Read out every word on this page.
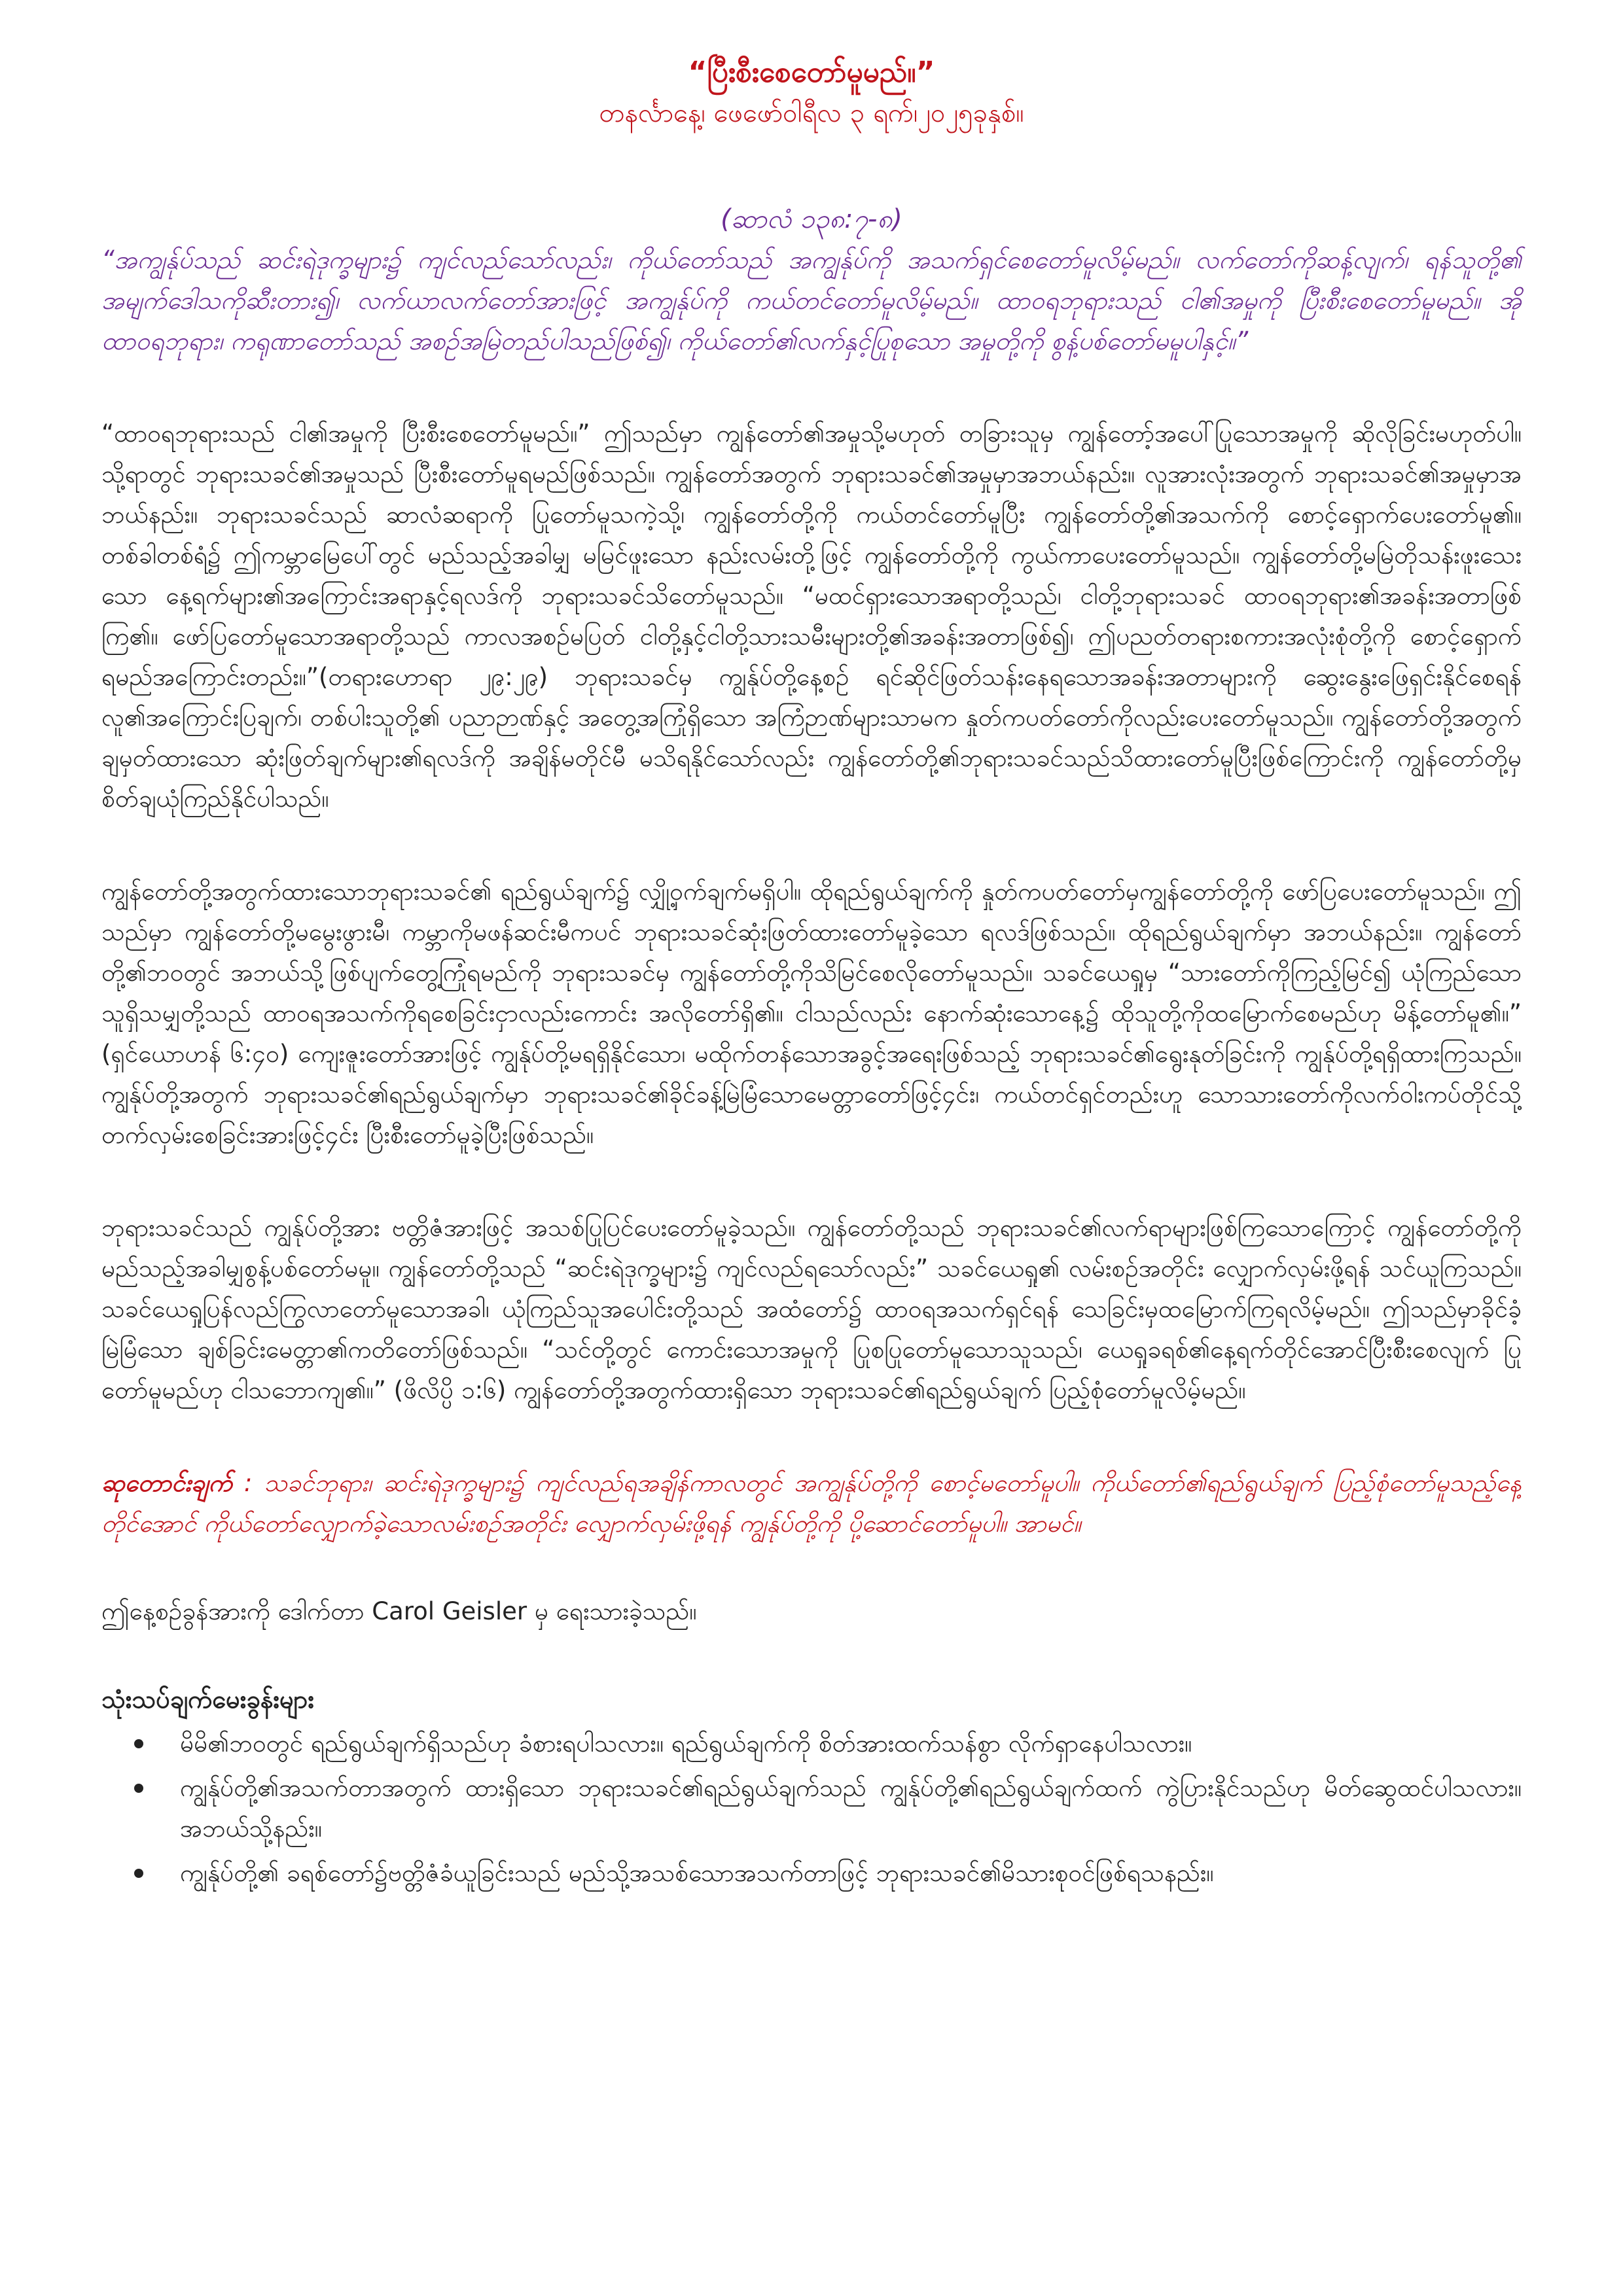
“ပြီးစီးစေတော်မူမည်။”

တနင်္လာနေ့၊ ဖေဖော်ဝါရီလ ၃ ရက်၊၂၀၂၅ခုနှစ်။

(ဆာလံ ၁၃၈:၇-၈)

“အကျွန်ုပ်သည် ဆင်းရဲဒုက္ခများ၌ ကျင်လည်သော်လည်း၊ ကိုယ်တော်သည် အကျွန်ုပ်ကို အသက်ရှင်စေတော်မူလိမ့်မည်။ လက်တော်ကိုဆန့်လျက်၊ ရန်သူတို့၏ အမျက်ဒေါသကိုဆီးတား၍၊ လက်ယာလက်တော်အားဖြင့် အကျွန်ုပ်ကို ကယ်တင်တော်မူလိမ့်မည်။ ထာဝရဘုရားသည် ငါ၏အမှုကို ပြီးစီးစေတော်မူမည်။ အိုထာဝရဘုရား၊ ကရုဏာတော်သည် အစဉ်အမြဲတည်ပါသည်ဖြစ်၍၊ ကိုယ်တော်၏လက်နှင့်ပြုစုသော အမှုတို့ကို စွန့်ပစ်တော်မမူပါနှင့်။”

“ထာဝရဘုရားသည် ငါ၏အမှုကို ပြီးစီးစေတော်မူမည်။” ဤသည်မှာ ကျွန်တော်၏အမှုသို့မဟုတ် တခြားသူမှ ကျွန်တော့်အပေါ်ပြုသောအမှုကို ဆိုလိုခြင်းမဟုတ်ပါ။ သို့ရာတွင် ဘုရားသခင်၏အမှုသည် ပြီးစီးတော်မူရမည်ဖြစ်သည်။ ကျွန်တော်အတွက် ဘုရားသခင်၏အမှုမှာအဘယ်နည်း။ လူအားလုံးအတွက် ဘုရားသခင်၏အမှုမှာအဘယ်နည်း။ ဘုရားသခင်သည် ဆာလံဆရာကို ပြုတော်မူသကဲ့သို့၊ ကျွန်တော်တို့ကို ကယ်တင်တော်မူပြီး ကျွန်တော်တို့၏အသက်ကို စောင့်ရှောက်ပေးတော်မူ၏။ တစ်ခါတစ်ရံ၌ ဤကမ္ဘာမြေပေါ်တွင် မည်သည့်အခါမျှ မမြင်ဖူးသော နည်းလမ်းတို့ဖြင့် ကျွန်တော်တို့ကို ကွယ်ကာပေးတော်မူသည်။ ကျွန်တော်တို့မမြဲတိုသန်းဖူးသေးသော နေ့ရက်များ၏အကြောင်းအရာနှင့်ရလဒ်ကို ဘုရားသခင်သိတော်မူသည်။ “မထင်ရှားသောအရာတို့သည်၊ ငါတို့ဘုရားသခင် ထာဝရဘုရား၏အခန်းအတာဖြစ်ကြ၏။ ဖော်ပြတော်မူသောအရာတို့သည် ကာလအစဉ်မပြတ် ငါတို့နှင့်ငါတို့သားသမီးများတို့၏အခန်းအတာဖြစ်၍၊ ဤပညတ်တရားစကားအလုံးစုံတို့ကို စောင့်ရှောက်ရမည်အကြောင်းတည်း။”(တရားဟောရာ ၂၉:၂၉) ဘုရားသခင်မှ ကျွန်ုပ်တို့နေ့စဉ် ရင်ဆိုင်ဖြတ်သန်းနေရသောအခန်းအတာများကို ဆွေးနွေးဖြေရှင်းနိုင်စေရန် လူ၏အကြောင်းပြချက်၊ တစ်ပါးသူတို့၏ ပညာဉာဏ်နှင့် အတွေ့အကြုံရှိသော အကြံဉာဏ်များသာမက နှုတ်ကပတ်တော်ကိုလည်းပေးတော်မူသည်။ ကျွန်တော်တို့အတွက်ချမှတ်ထားသော ဆုံးဖြတ်ချက်များ၏ရလဒ်ကို အချိန်မတိုင်မီ မသိရနိုင်သော်လည်း ကျွန်တော်တို့၏ဘုရားသခင်သည်သိထားတော်မူပြီးဖြစ်ကြောင်းကို ကျွန်တော်တို့မှ စိတ်ချယုံကြည်နိုင်ပါသည်။

ကျွန်တော်တို့အတွက်ထားသောဘုရားသခင်၏ ရည်ရွယ်ချက်၌ လျှို့ဝှက်ချက်မရှိပါ။ ထိုရည်ရွယ်ချက်ကို နှုတ်ကပတ်တော်မှကျွန်တော်တို့ကို ဖော်ပြပေးတော်မူသည်။ ဤသည်မှာ ကျွန်တော်တို့မမွေးဖွားမီ၊ ကမ္ဘာကိုမဖန်ဆင်းမီကပင် ဘုရားသခင်ဆုံးဖြတ်ထားတော်မူခဲ့သော ရလဒ်ဖြစ်သည်။ ထိုရည်ရွယ်ချက်မှာ အဘယ်နည်း။ ကျွန်တော်တို့၏ဘဝတွင် အဘယ်သို့ဖြစ်ပျက်တွေ့ကြုံရမည်ကို ဘုရားသခင်မှ ကျွန်တော်တို့ကိုသိမြင်စေလိုတော်မူသည်။ သခင်ယေရှုမှ “သားတော်ကိုကြည့်မြင်၍ ယုံကြည်သောသူရှိသမျှတို့သည် ထာဝရအသက်ကိုရစေခြင်းငှာလည်းကောင်း အလိုတော်ရှိ၏။ ငါသည်လည်း နောက်ဆုံးသောနေ့၌ ထိုသူတို့ကိုထမြောက်စေမည်ဟု မိန့်တော်မူ၏။” (ရှင်ယောဟန် ၆:၄၀) ကျေးဇူးတော်အားဖြင့် ကျွန်ုပ်တို့မရရှိနိုင်သော၊ မထိုက်တန်သောအခွင့်အရေးဖြစ်သည့် ဘုရားသခင်၏ရွေးနုတ်ခြင်းကို ကျွန်ုပ်တို့ရရှိထားကြသည်။ ကျွန်ုပ်တို့အတွက် ဘုရားသခင်၏ရည်ရွယ်ချက်မှာ ဘုရားသခင်၏ခိုင်ခန့်မြဲမြံသောမေတ္တာတော်ဖြင့်၄င်း၊ ကယ်တင်ရှင်တည်းဟူ သောသားတော်ကိုလက်ဝါးကပ်တိုင်သို့ တက်လှမ်းစေခြင်းအားဖြင့်၄င်း ပြီးစီးတော်မူခဲ့ပြီးဖြစ်သည်။

ဘုရားသခင်သည် ကျွန်ုပ်တို့အား ဗတ္တိဇံအားဖြင့် အသစ်ပြုပြင်ပေးတော်မူခဲ့သည်။ ကျွန်တော်တို့သည် ဘုရားသခင်၏လက်ရာများဖြစ်ကြသောကြောင့် ကျွန်တော်တို့ကို မည်သည့်အခါမျှစွန့်ပစ်တော်မမူ။ ကျွန်တော်တို့သည် “ဆင်းရဲဒုက္ခများ၌ ကျင်လည်ရသော်လည်း” သခင်ယေရှု၏ လမ်းစဉ်အတိုင်း လျှောက်လှမ်းဖို့ရန် သင်ယူကြသည်။ သခင်ယေရှုပြန်လည်ကြွလာတော်မူသောအခါ၊ ယုံကြည်သူအပေါင်းတို့သည် အထံတော်၌ ထာဝရအသက်ရှင်ရန် သေခြင်းမှထမြောက်ကြရလိမ့်မည်။ ဤသည်မှာခိုင်ခံ့မြဲမြံသော ချစ်ခြင်းမေတ္တာ၏ကတိတော်ဖြစ်သည်။ “သင်တို့တွင် ကောင်းသောအမှုကို ပြုစပြုတော်မူသောသူသည်၊ ယေရှုခရစ်၏နေ့ရက်တိုင်အောင်ပြီးစီးစေလျက် ပြုတော်မူမည်ဟု ငါသဘောကျ၏။” (ဖိလိပ္ပိ ၁:၆) ကျွန်တော်တို့အတွက်ထားရှိသော ဘုရားသခင်၏ရည်ရွယ်ချက် ပြည့်စုံတော်မူလိမ့်မည်။

ဆုတောင်းချက် : သခင်ဘုရား၊ ဆင်းရဲဒုက္ခများ၌ ကျင်လည်ရအချိန်ကာလတွင် အကျွန်ုပ်တို့ကို စောင့်မတော်မူပါ။ ကိုယ်တော်၏ရည်ရွယ်ချက် ပြည့်စုံတော်မူသည့်နေ့တိုင်အောင် ကိုယ်တော်လျှောက်ခဲ့သောလမ်းစဉ်အတိုင်း လျှောက်လှမ်းဖို့ရန် ကျွန်ုပ်တို့ကို ပို့ဆောင်တော်မူပါ။ အာမင်။

ဤနေ့စဉ်ခွန်အားကို ဒေါက်တာ Carol Geisler မှ ရေးသားခဲ့သည်။

သုံးသပ်ချက်မေးခွန်းများ

မိမိ၏ဘဝတွင် ရည်ရွယ်ချက်ရှိသည်ဟု ခံစားရပါသလား။ ရည်ရွယ်ချက်ကို စိတ်အားထက်သန်စွာ လိုက်ရှာနေပါသလား။
ကျွန်ုပ်တို့၏အသက်တာအတွက် ထားရှိသော ဘုရားသခင်၏ရည်ရွယ်ချက်သည် ကျွန်ုပ်တို့၏ရည်ရွယ်ချက်ထက် ကွဲပြားနိုင်သည်ဟု မိတ်ဆွေထင်ပါသလား။ အဘယ်သို့နည်း။
ကျွန်ုပ်တို့၏ ခရစ်တော်၌ဗတ္တိဇံခံယူခြင်းသည် မည်သို့အသစ်သောအသက်တာဖြင့် ဘုရားသခင်၏မိသားစုဝင်ဖြစ်ရသနည်း။
